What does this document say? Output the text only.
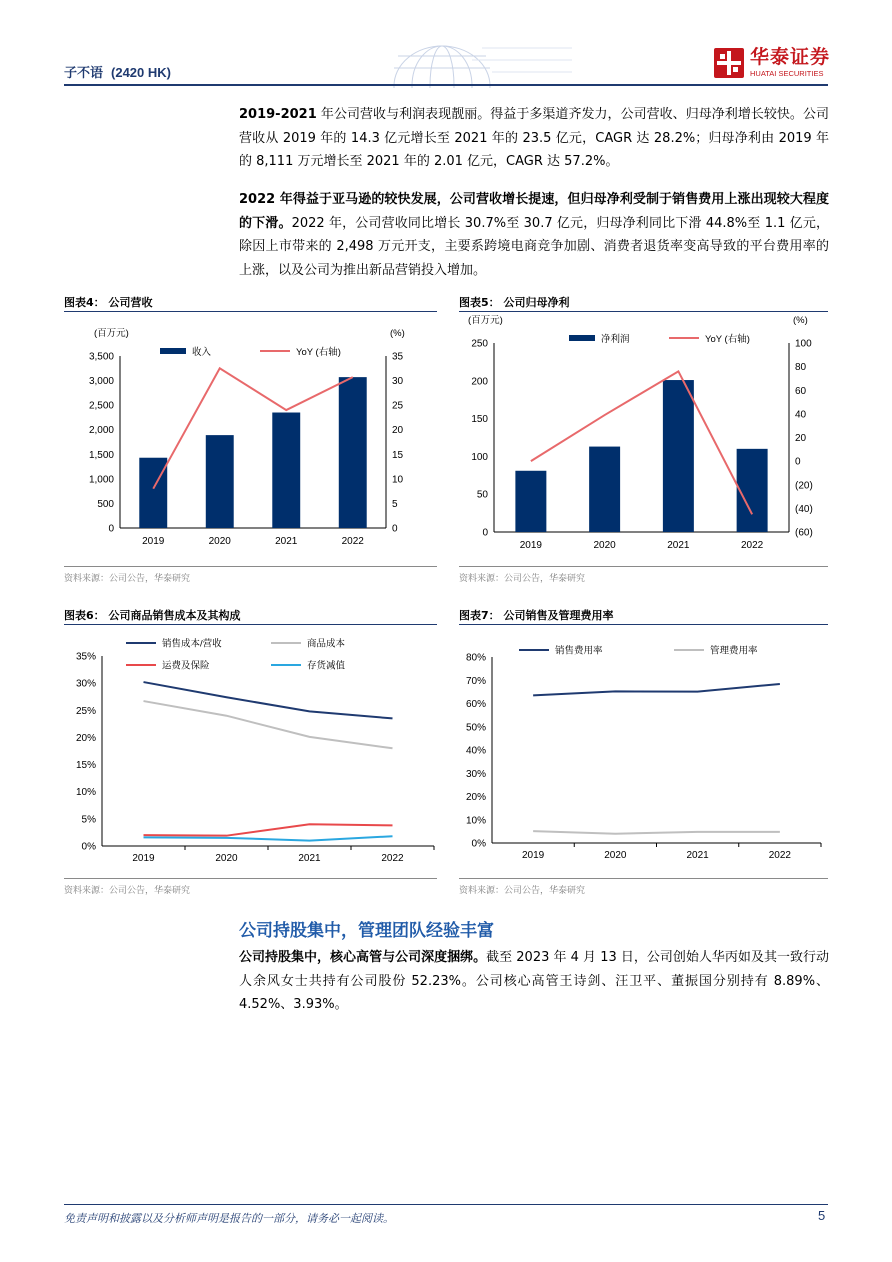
子不语 (2420 HK)
华泰证券
HUATAI SECURITIES
2019-2021 年公司营收与利润表现靓丽。得益于多渠道齐发力，公司营收、归母净利增长较快。公司营收从 2019 年的 14.3 亿元增长至 2021 年的 23.5 亿元，CAGR 达 28.2%；归母净利由 2019 年的 8,111 万元增长至 2021 年的 2.01 亿元，CAGR 达 57.2%。
2022 年得益于亚马逊的较快发展，公司营收增长提速，但归母净利受制于销售费用上涨出现较大程度的下滑。2022 年，公司营收同比增长 30.7%至 30.7 亿元，归母净利同比下滑 44.8%至 1.1 亿元，除因上市带来的 2,498 万元开支，主要系跨境电商竞争加剧、消费者退货率变高导致的平台费用率的上涨，以及公司为推出新品营销投入增加。
图表4： 公司营收
0
500
1,000
1,500
2,000
2,500
3,000
3,500
0
5
10
15
20
25
30
35
2019	2020	2021	2022
(百万元)	(%)
收入	YoY (右轴)
资料来源：公司公告，华泰研究
图表5： 公司归母净利
0
50
100
150
200
250
(60)
(40)
(20)
0
20
40
60
80
100
2019	2020	2021	2022
(百万元)	(%)
净利润	YoY (右轴)
资料来源：公司公告，华泰研究
图表6： 公司商品销售成本及其构成
0%
5%
10%
15%
20%
25%
30%
35%
2019	2020	2021	2022
销售成本/营收	商品成本
运费及保险	存货减值
资料来源：公司公告，华泰研究
图表7： 公司销售及管理费用率
0%
10%
20%
30%
40%
50%
60%
70%
80%
2019	2020	2021	2022
销售费用率	管理费用率
资料来源：公司公告，华泰研究
公司持股集中，管理团队经验丰富
公司持股集中，核心高管与公司深度捆绑。截至 2023 年 4 月 13 日，公司创始人华丙如及其一致行动人余风女士共持有公司股份 52.23%。公司核心高管王诗剑、汪卫平、董振国分别持有 8.89%、4.52%、3.93%。
免责声明和披露以及分析师声明是报告的一部分，请务必一起阅读。	5
